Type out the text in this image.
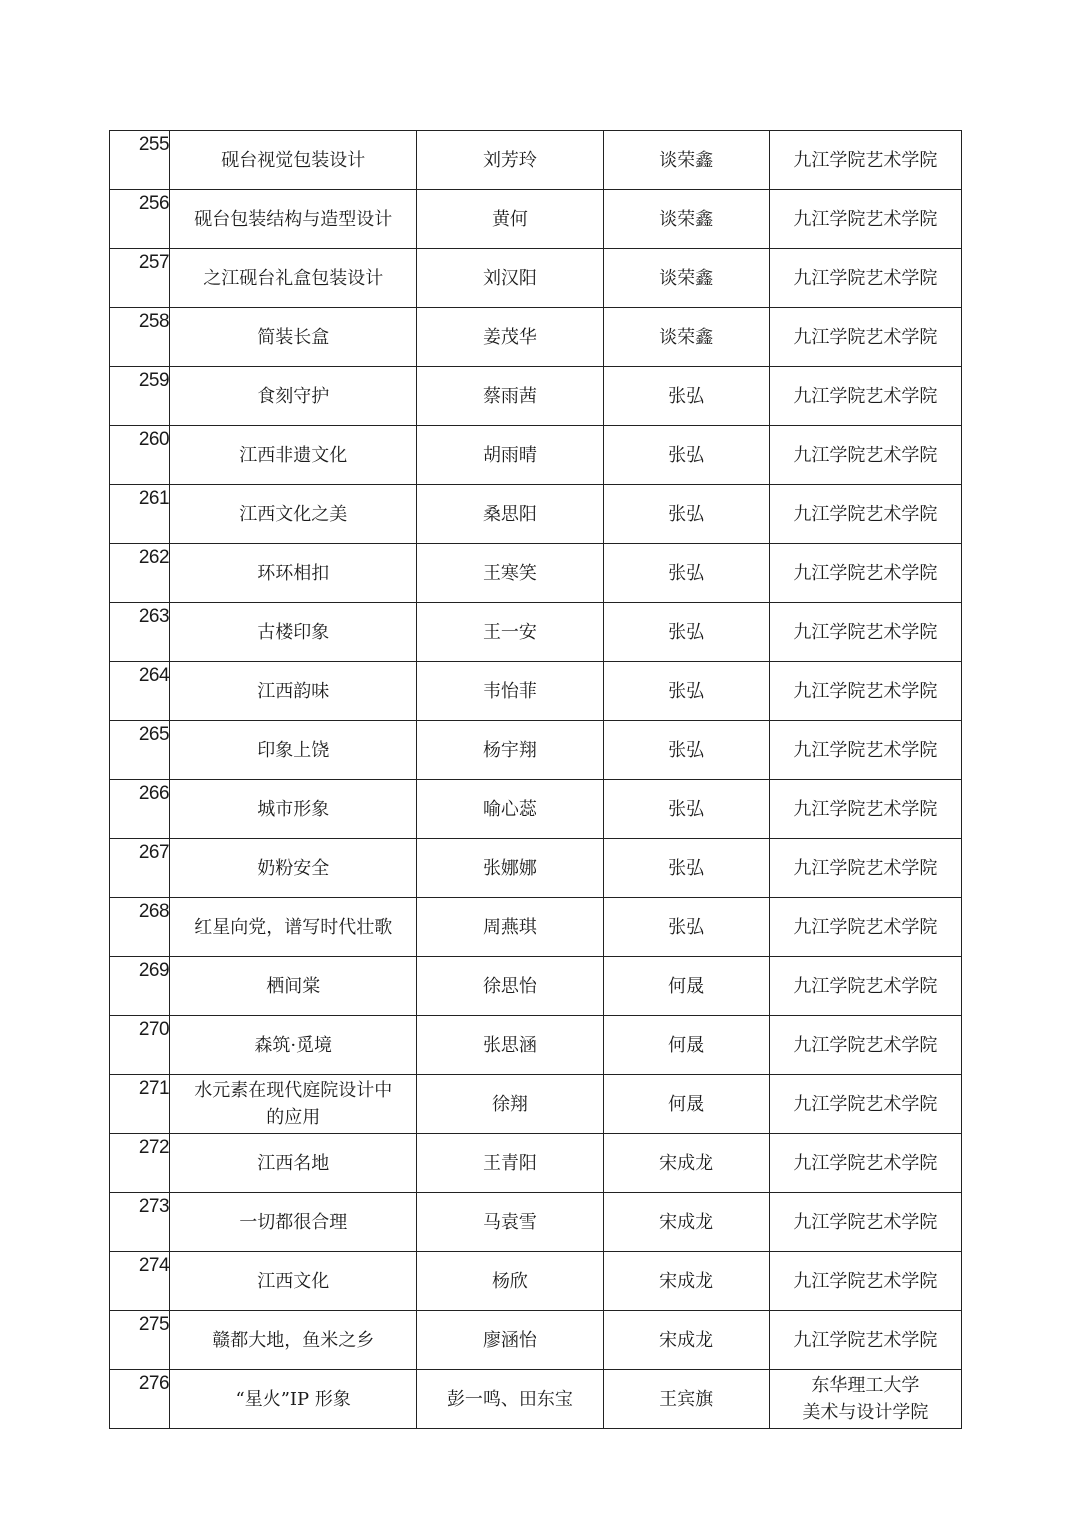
255	砚台视觉包装设计	刘芳玲	谈荣鑫	九江学院艺术学院
256	砚台包装结构与造型设计	黄何	谈荣鑫	九江学院艺术学院
257	之江砚台礼盒包装设计	刘汉阳	谈荣鑫	九江学院艺术学院
258	简装长盒	姜茂华	谈荣鑫	九江学院艺术学院
259	食刻守护	蔡雨茜	张弘	九江学院艺术学院
260	江西非遗文化	胡雨晴	张弘	九江学院艺术学院
261	江西文化之美	桑思阳	张弘	九江学院艺术学院
262	环环相扣	王寒笑	张弘	九江学院艺术学院
263	古楼印象	王一安	张弘	九江学院艺术学院
264	江西韵味	韦怡菲	张弘	九江学院艺术学院
265	印象上饶	杨宇翔	张弘	九江学院艺术学院
266	城市形象	喻心蕊	张弘	九江学院艺术学院
267	奶粉安全	张娜娜	张弘	九江学院艺术学院
268	红星向党，谱写时代壮歌	周燕琪	张弘	九江学院艺术学院
269	栖间棠	徐思怡	何晟	九江学院艺术学院
270	森筑·觅境	张思涵	何晟	九江学院艺术学院
271	水元素在现代庭院设计中
的应用	徐翔	何晟	九江学院艺术学院
272	江西名地	王青阳	宋成龙	九江学院艺术学院
273	一切都很合理	马袁雪	宋成龙	九江学院艺术学院
274	江西文化	杨欣	宋成龙	九江学院艺术学院
275	赣都大地，鱼米之乡	廖涵怡	宋成龙	九江学院艺术学院
276	“星火”IP 形象	彭一鸣、田东宝	王宾旗	东华理工大学
美术与设计学院
